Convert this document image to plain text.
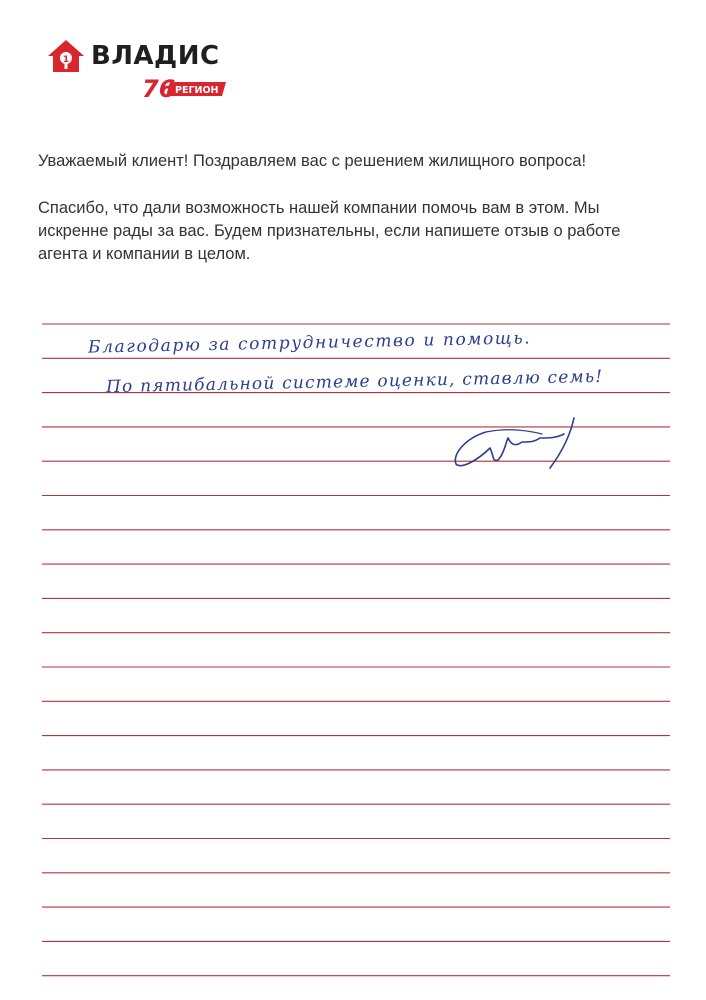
1 ВЛАДИС
76 РЕГИОН

Уважаемый клиент! Поздравляем вас с решением жилищного вопроса!

Спасибо, что дали возможность нашей компании помочь вам в этом. Мы искренне рады за вас. Будем признательны, если напишете отзыв о работе агента и компании в целом.

Благодарю за сотрудничество и помощь.
По пятибальной системе оценки, ставлю семь!
